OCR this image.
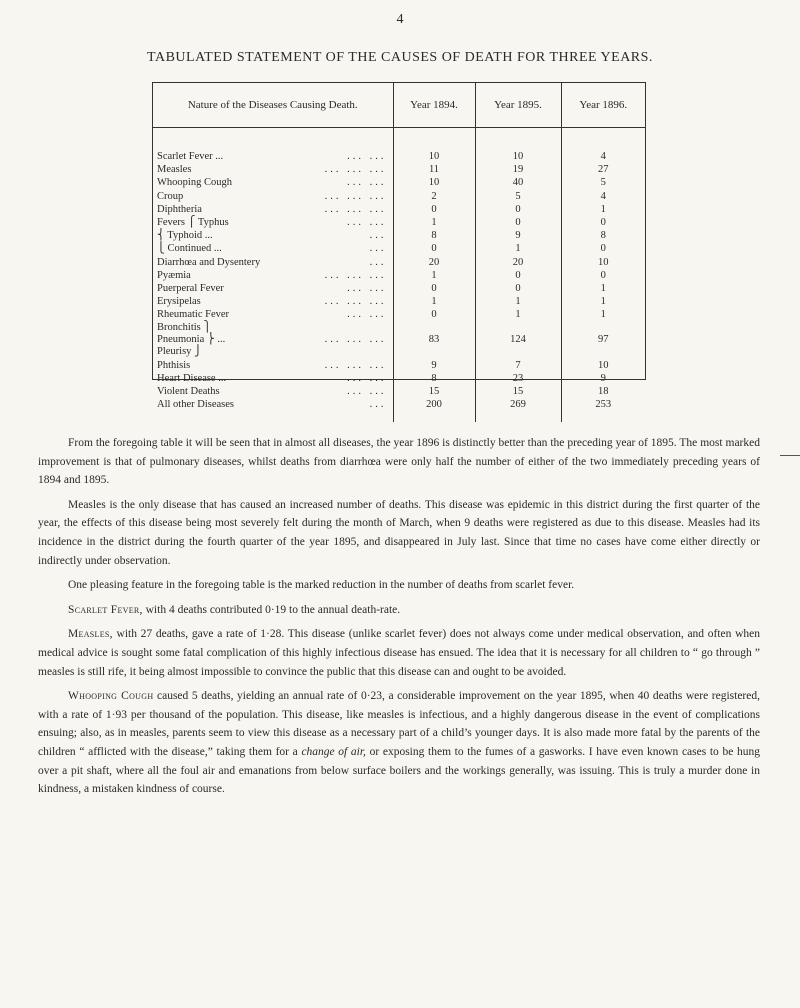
4
TABULATED STATEMENT OF THE CAUSES OF DEATH FOR THREE YEARS.
Nature of the Diseases Causing Death.	Year 1894.	Year 1895.	Year 1896.

Scarlet Fever ... ... ...	10	10	4
Measles ... ... ...	11	19	27
Whooping Cough ... ...	10	40	5
Croup ... ... ...	2	5	4
Diphtheria ... ... ...	0	0	1
Fevers ⎧ Typhus ... ...	1	0	0
⎨ Typhoid ... ...	8	9	8
⎩ Continued ... ...	0	1	0
Diarrhœa and Dysentery ...	20	20	10
Pyæmia ... ... ...	1	0	0
Puerperal Fever ... ...	0	0	1
Erysipelas ... ... ...	1	1	1
Rheumatic Fever ... ...	0	1	1

Bronchitis ⎫
... ... ...
Pneumonia ⎬ ...
Pleurisy ⎭	83	124	97
Phthisis ... ... ...	9	7	10
Heart Disease ... ... ...	8	23	9
Violent Deaths ... ...	15	15	18
All other Diseases ...	200	269	253

From the foregoing table it will be seen that in almost all diseases, the year 1896 is distinctly better than the preceding year of 1895. The most marked improvement is that of pulmonary diseases, whilst deaths from diarrhœa were only half the number of either of the two immediately preceding years of 1894 and 1895.

Measles is the only disease that has caused an increased number of deaths. This disease was epidemic in this district during the first quarter of the year, the effects of this disease being most severely felt during the month of March, when 9 deaths were registered as due to this disease. Measles had its incidence in the district during the fourth quarter of the year 1895, and disappeared in July last. Since that time no cases have come either directly or indirectly under observation.

One pleasing feature in the foregoing table is the marked reduction in the number of deaths from scarlet fever.

Scarlet Fever, with 4 deaths contributed 0·19 to the annual death-rate.

Measles, with 27 deaths, gave a rate of 1·28. This disease (unlike scarlet fever) does not always come under medical observation, and often when medical advice is sought some fatal complication of this highly infectious disease has ensued. The idea that it is necessary for all children to “ go through ” measles is still rife, it being almost impossible to convince the public that this disease can and ought to be avoided.

Whooping Cough caused 5 deaths, yielding an annual rate of 0·23, a considerable improvement on the year 1895, when 40 deaths were registered, with a rate of 1·93 per thousand of the population. This disease, like measles is infectious, and a highly dangerous disease in the event of complications ensuing; also, as in measles, parents seem to view this disease as a necessary part of a child’s younger days. It is also made more fatal by the parents of the children “ afflicted with the disease,” taking them for a change of air, or exposing them to the fumes of a gasworks. I have even known cases to be hung over a pit shaft, where all the foul air and emanations from below surface boilers and the workings generally, was issuing. This is truly a murder done in kindness, a mistaken kindness of course.
